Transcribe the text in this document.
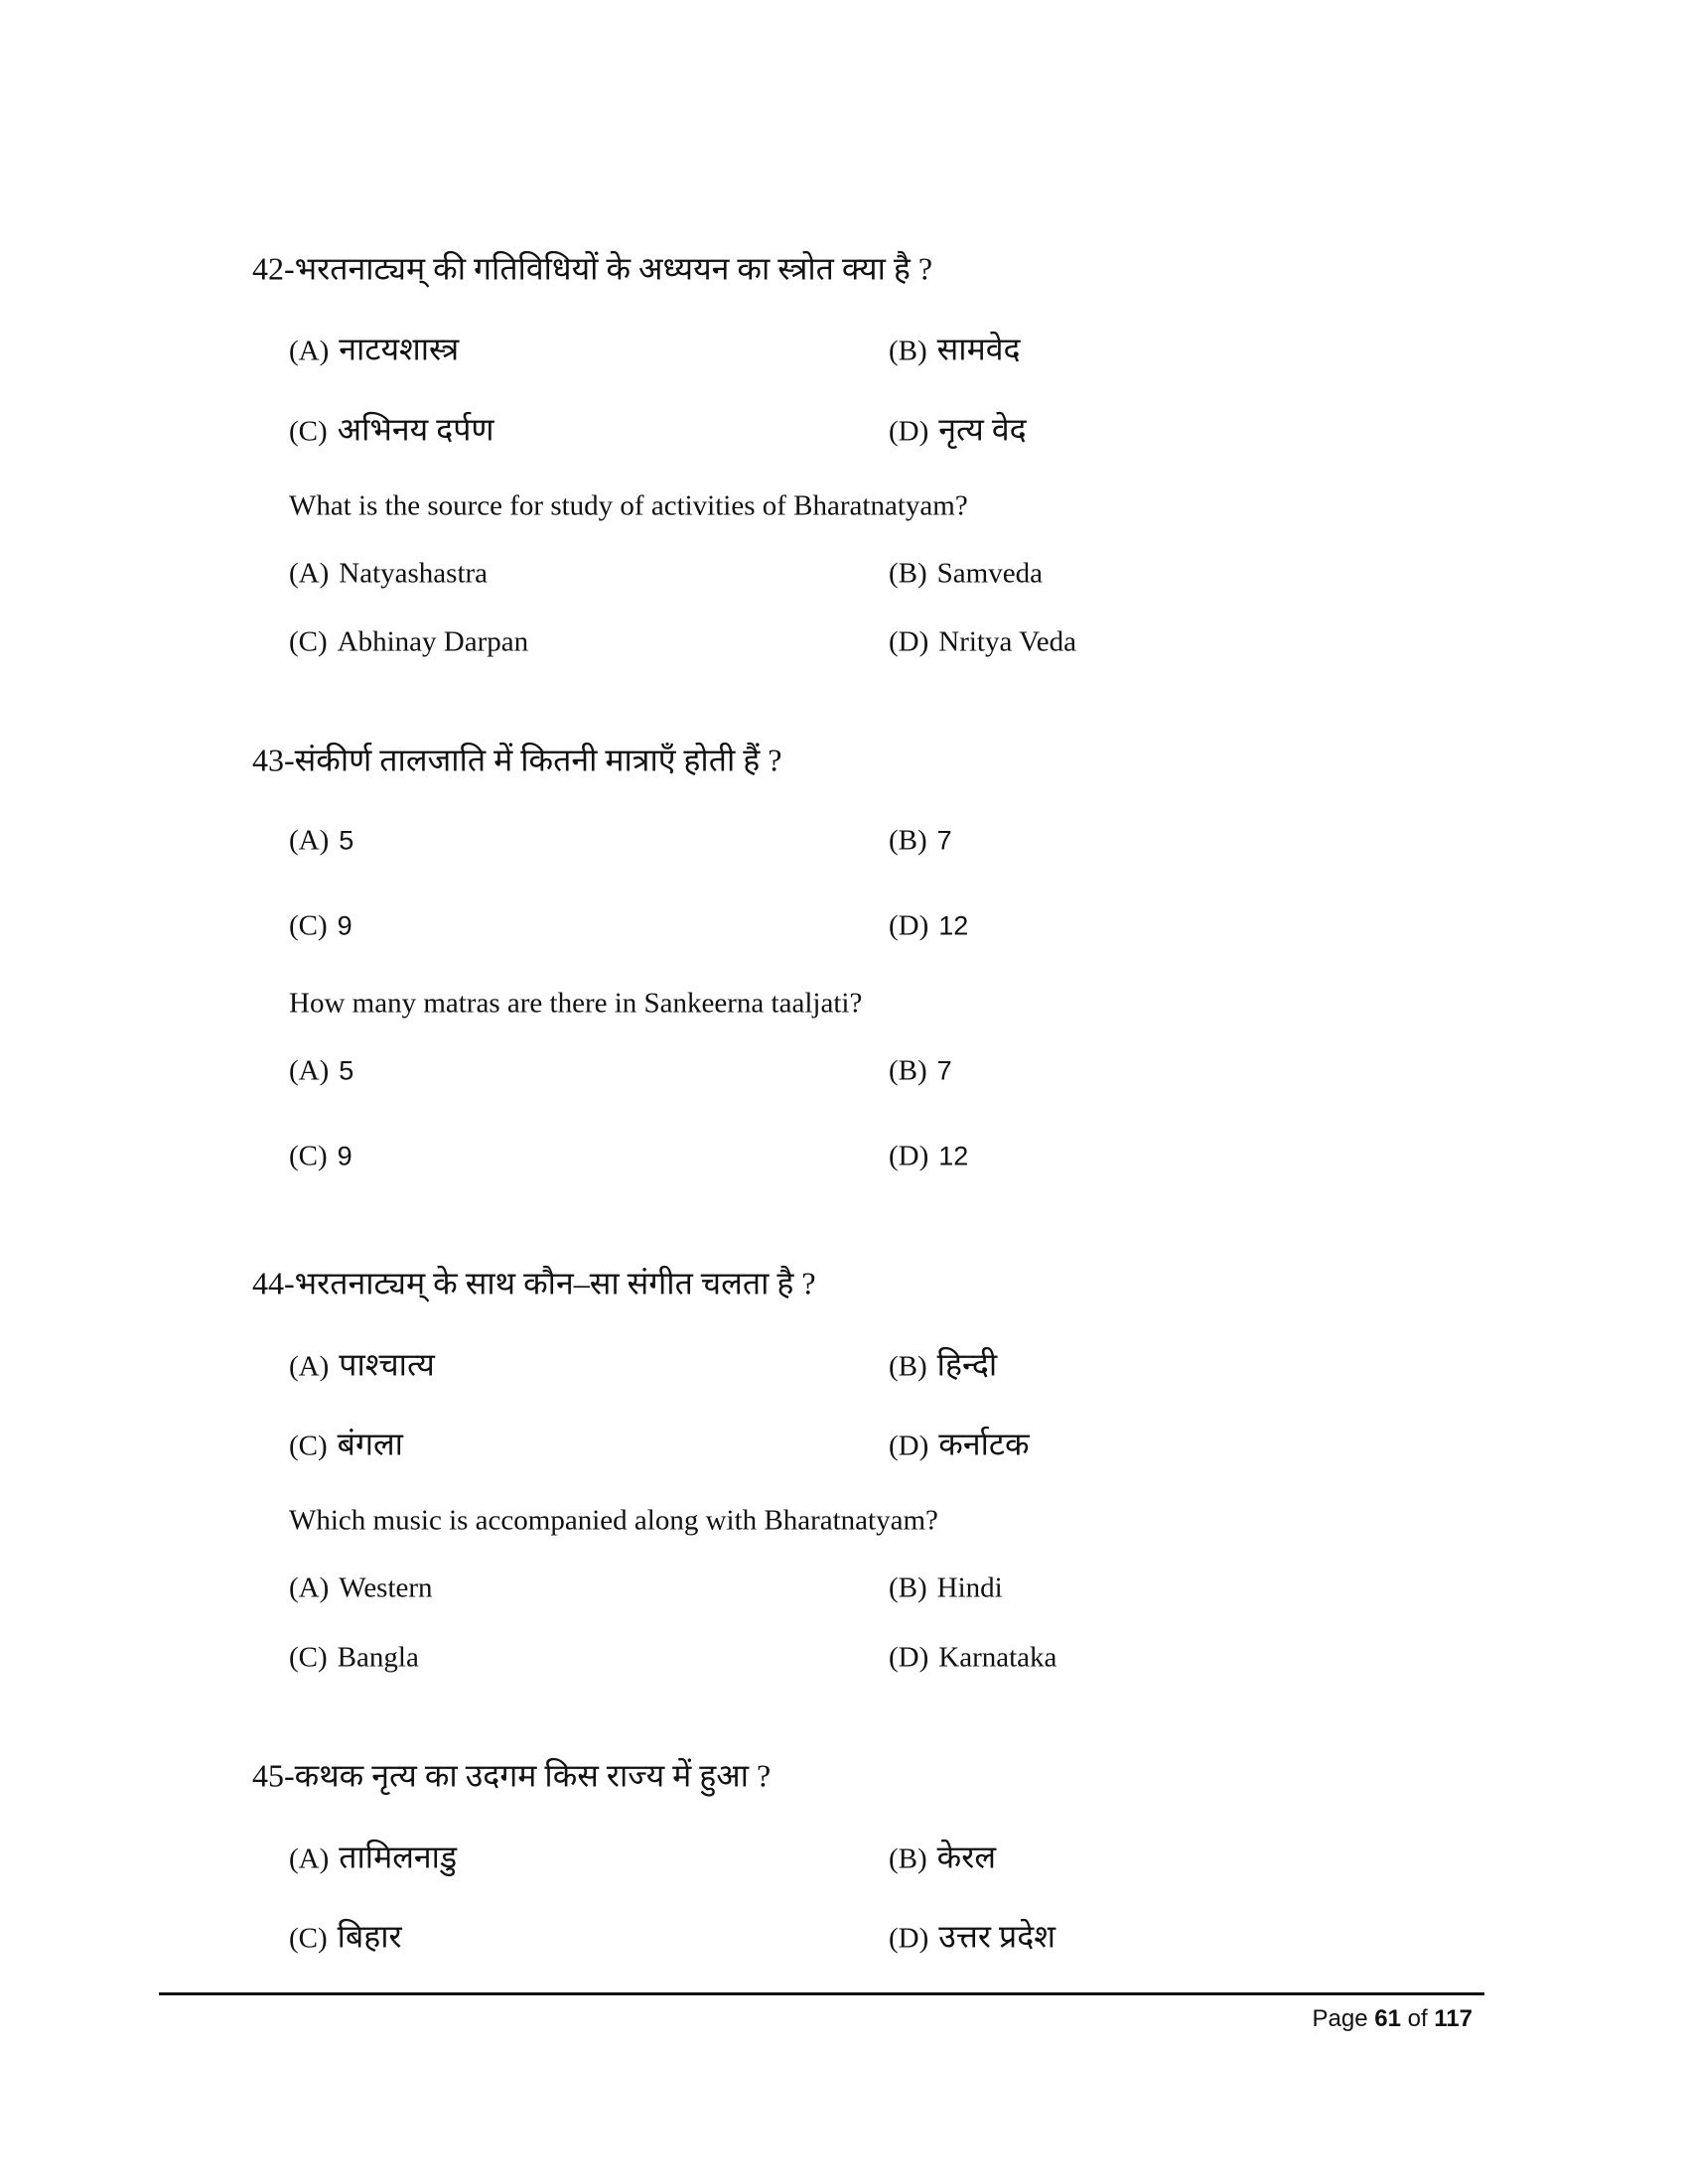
42-भरतनाट्यम् की गतिविधियों के अध्ययन का स्त्रोत क्या है ?
(A) नाटयशास्त्र	(B) सामवेद
(C) अभिनय दर्पण	(D) नृत्य वेद
What is the source for study of activities of Bharatnatyam?
(A) Natyashastra	(B) Samveda
(C) Abhinay Darpan	(D) Nritya Veda
43-संकीर्ण तालजाति में कितनी मात्राएँ होती हैं ?
(A) 5	(B) 7
(C) 9	(D) 12
How many matras are there in Sankeerna taaljati?
(A) 5	(B) 7
(C) 9	(D) 12
44-भरतनाट्यम् के साथ कौन–सा संगीत चलता है ?
(A) पाश्चात्य	(B) हिन्दी
(C) बंगला	(D) कर्नाटक
Which music is accompanied along with Bharatnatyam?
(A) Western	(B) Hindi
(C) Bangla	(D) Karnataka
45-कथक नृत्य का उदगम किस राज्य में हुआ ?
(A) तामिलनाडु	(B) केरल
(C) बिहार	(D) उत्तर प्रदेश
Page 61 of 117
